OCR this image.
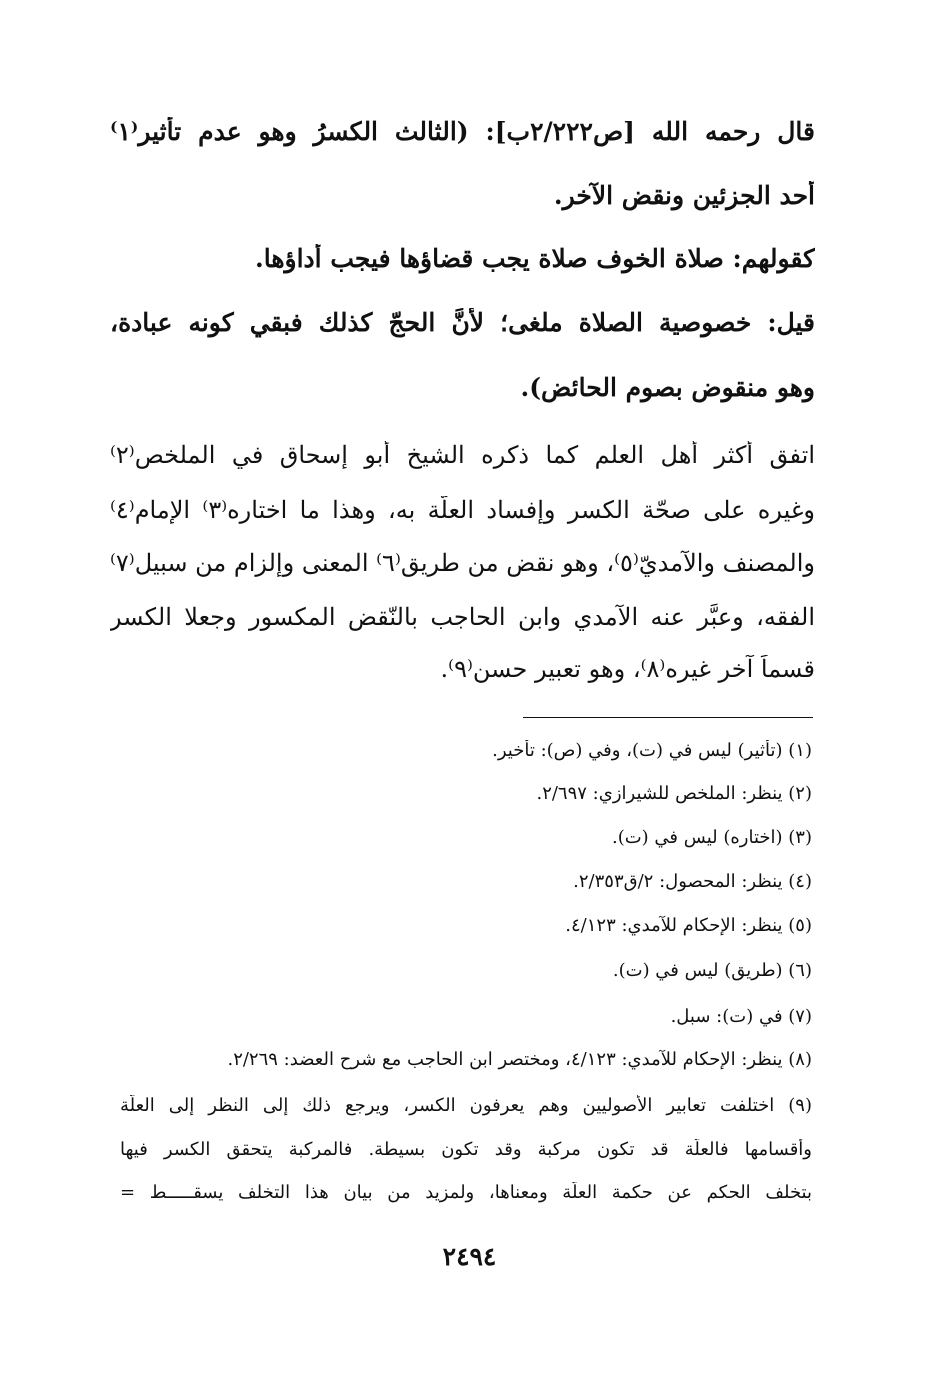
قال رحمه الله [ص٢/٢٢٢ب]: (الثالث الكسرُ وهو عدم تأثير⁽١⁾
أحد الجزئين ونقض الآخر.
كقولهم: صلاة الخوف صلاة يجب قضاؤها فيجب أداؤها.
قيل: خصوصية الصلاة ملغى؛ لأنَّ الحجّ كذلك فبقي كونه عبادة،
وهو منقوض بصوم الحائض).
اتفق أكثر أهل العلم كما ذكره الشيخ أبو إسحاق في الملخص⁽٢⁾
وغيره على صحّة الكسر وإفساد العلّة به، وهذا ما اختاره⁽٣⁾ الإمام⁽٤⁾
والمصنف والآمديّ⁽٥⁾، وهو نقض من طريق⁽٦⁾ المعنى وإلزام من سبيل⁽٧⁾
الفقه، وعبَّر عنه الآمدي وابن الحاجب بالنّقض المكسور وجعلا الكسر
قسماً آخر غيره⁽٨⁾، وهو تعبير حسن⁽٩⁾.
(١) (تأثير) ليس في (ت)، وفي (ص): تأخير.
(٢) ينظر: الملخص للشيرازي: ٢/٦٩٧.
(٣) (اختاره) ليس في (ت).
(٤) ينظر: المحصول: ٢/ق٢/٣٥٣.
(٥) ينظر: الإحكام للآمدي: ٤/١٢٣.
(٦) (طريق) ليس في (ت).
(٧) في (ت): سبل.
(٨) ينظر: الإحكام للآمدي: ٤/١٢٣، ومختصر ابن الحاجب مع شرح العضد: ٢/٢٦٩.
(٩) اختلفت تعابير الأصوليين وهم يعرفون الكسر، ويرجع ذلك إلى النظر إلى العلّة
وأقسامها فالعلّة قد تكون مركبة وقد تكون بسيطة. فالمركبة يتحقق الكسر فيها
بتخلف الحكم عن حكمة العلّة ومعناها، ولمزيد من بيان هذا التخلف يسقـــــط =
٢٤٩٤
